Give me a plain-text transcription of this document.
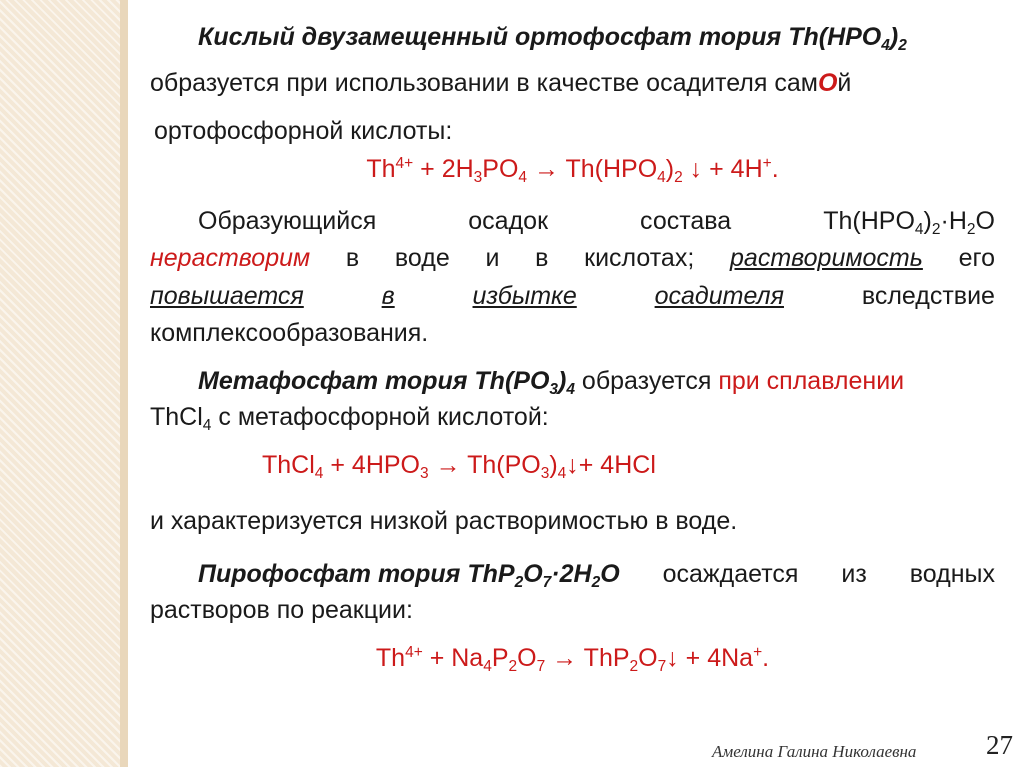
Кислый двузамещенный ортофосфат тория $Th(HPO_4)_2$
образуется при использовании в качестве осадителя самОй
ортофосфорной кислоты:
$Th^{4+} + 2H_3PO_4 \to Th(HPO_4)_2$ ↓ + 4H+.
Образующийся	осадок	состава	$Th(HPO_4)_2\cdot H_2O$
нерастворим в воде и в кислотах; растворимость его
повышается	в	избытке	осадителя	вследствие
комплексообразования.
Метафосфат тория $Th(PO_3)_4$ образуется при сплавлении
ThCl$_4$ с метафосфорной кислотой:
ThCl$_4$ + $4HPO_3$ → $Th(PO_3)_4↓+ 4HCl$
и характеризуется низкой растворимостью в воде.
Пирофосфат тория $ThP_2O_7\cdot 2H_2O$ осаждается из водных
растворов по реакции:
$Th^{4+} + Na_4P_2O_7$ → $ThP_2O_7↓ + 4Na^+$.
Амелина Галина Николаевна	27
